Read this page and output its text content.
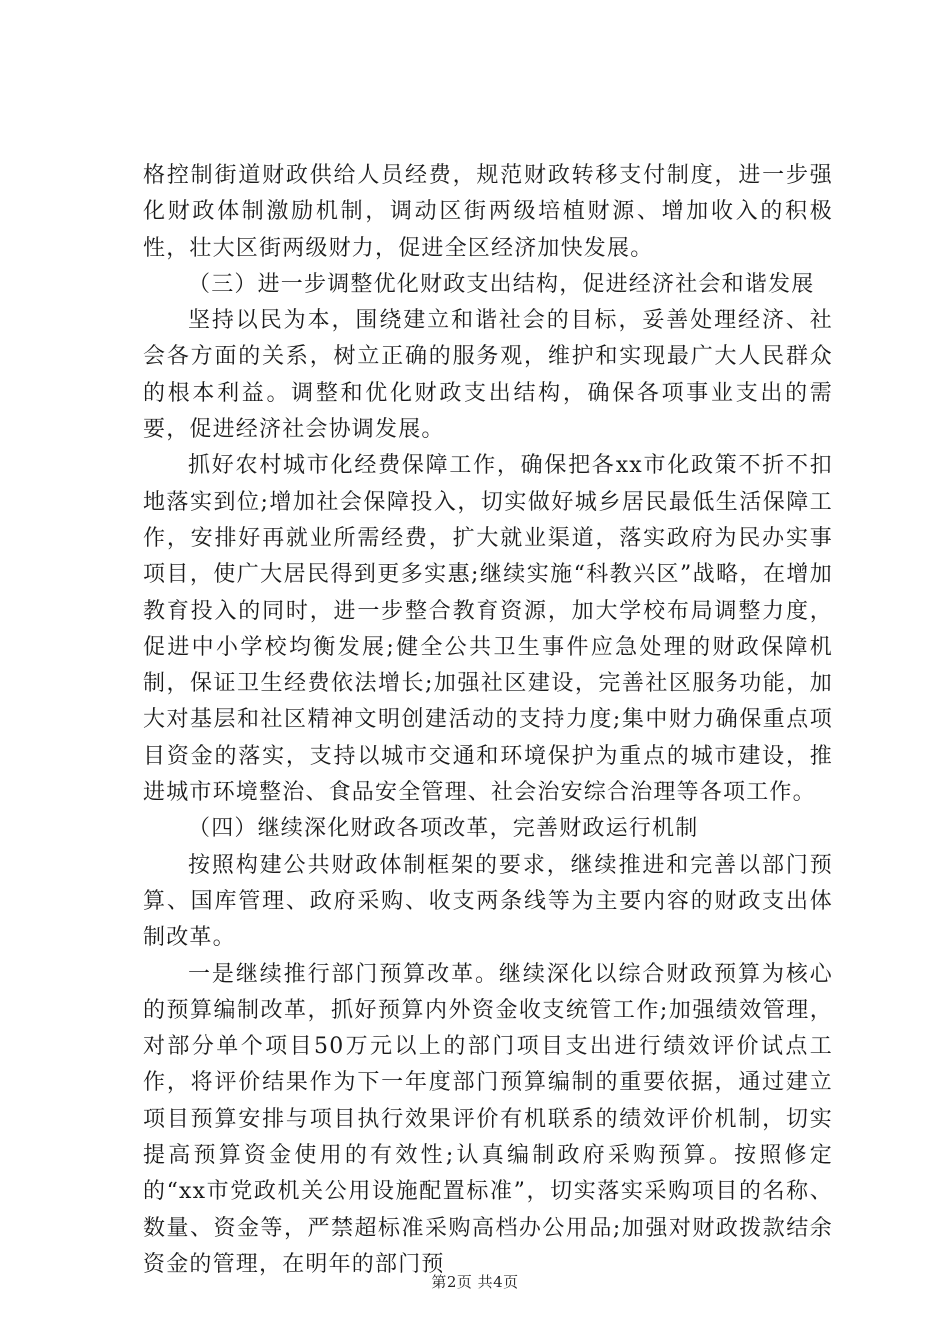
格控制街道财政供给人员经费，规范财政转移支付制度，进一步强化财政体制激励机制，调动区街两级培植财源、增加收入的积极性，壮大区街两级财力，促进全区经济加快发展。

（三）进一步调整优化财政支出结构，促进经济社会和谐发展

坚持以民为本，围绕建立和谐社会的目标，妥善处理经济、社会各方面的关系，树立正确的服务观，维护和实现最广大人民群众的根本利益。调整和优化财政支出结构，确保各项事业支出的需要，促进经济社会协调发展。

抓好农村城市化经费保障工作，确保把各xx市化政策不折不扣地落实到位;增加社会保障投入，切实做好城乡居民最低生活保障工作，安排好再就业所需经费，扩大就业渠道，落实政府为民办实事项目，使广大居民得到更多实惠;继续实施“科教兴区”战略，在增加教育投入的同时，进一步整合教育资源，加大学校布局调整力度，促进中小学校均衡发展;健全公共卫生事件应急处理的财政保障机制，保证卫生经费依法增长;加强社区建设，完善社区服务功能，加大对基层和社区精神文明创建活动的支持力度;集中财力确保重点项目资金的落实，支持以城市交通和环境保护为重点的城市建设，推进城市环境整治、食品安全管理、社会治安综合治理等各项工作。

（四）继续深化财政各项改革，完善财政运行机制

按照构建公共财政体制框架的要求，继续推进和完善以部门预算、国库管理、政府采购、收支两条线等为主要内容的财政支出体制改革。

一是继续推行部门预算改革。继续深化以综合财政预算为核心的预算编制改革，抓好预算内外资金收支统管工作;加强绩效管理，对部分单个项目50万元以上的部门项目支出进行绩效评价试点工作，将评价结果作为下一年度部门预算编制的重要依据，通过建立项目预算安排与项目执行效果评价有机联系的绩效评价机制，切实提高预算资金使用的有效性;认真编制政府采购预算。按照修定的“xx市党政机关公用设施配置标准”，切实落实采购项目的名称、数量、资金等，严禁超标准采购高档办公用品;加强对财政拨款结余资金的管理，在明年的部门预

第2页 共4页
